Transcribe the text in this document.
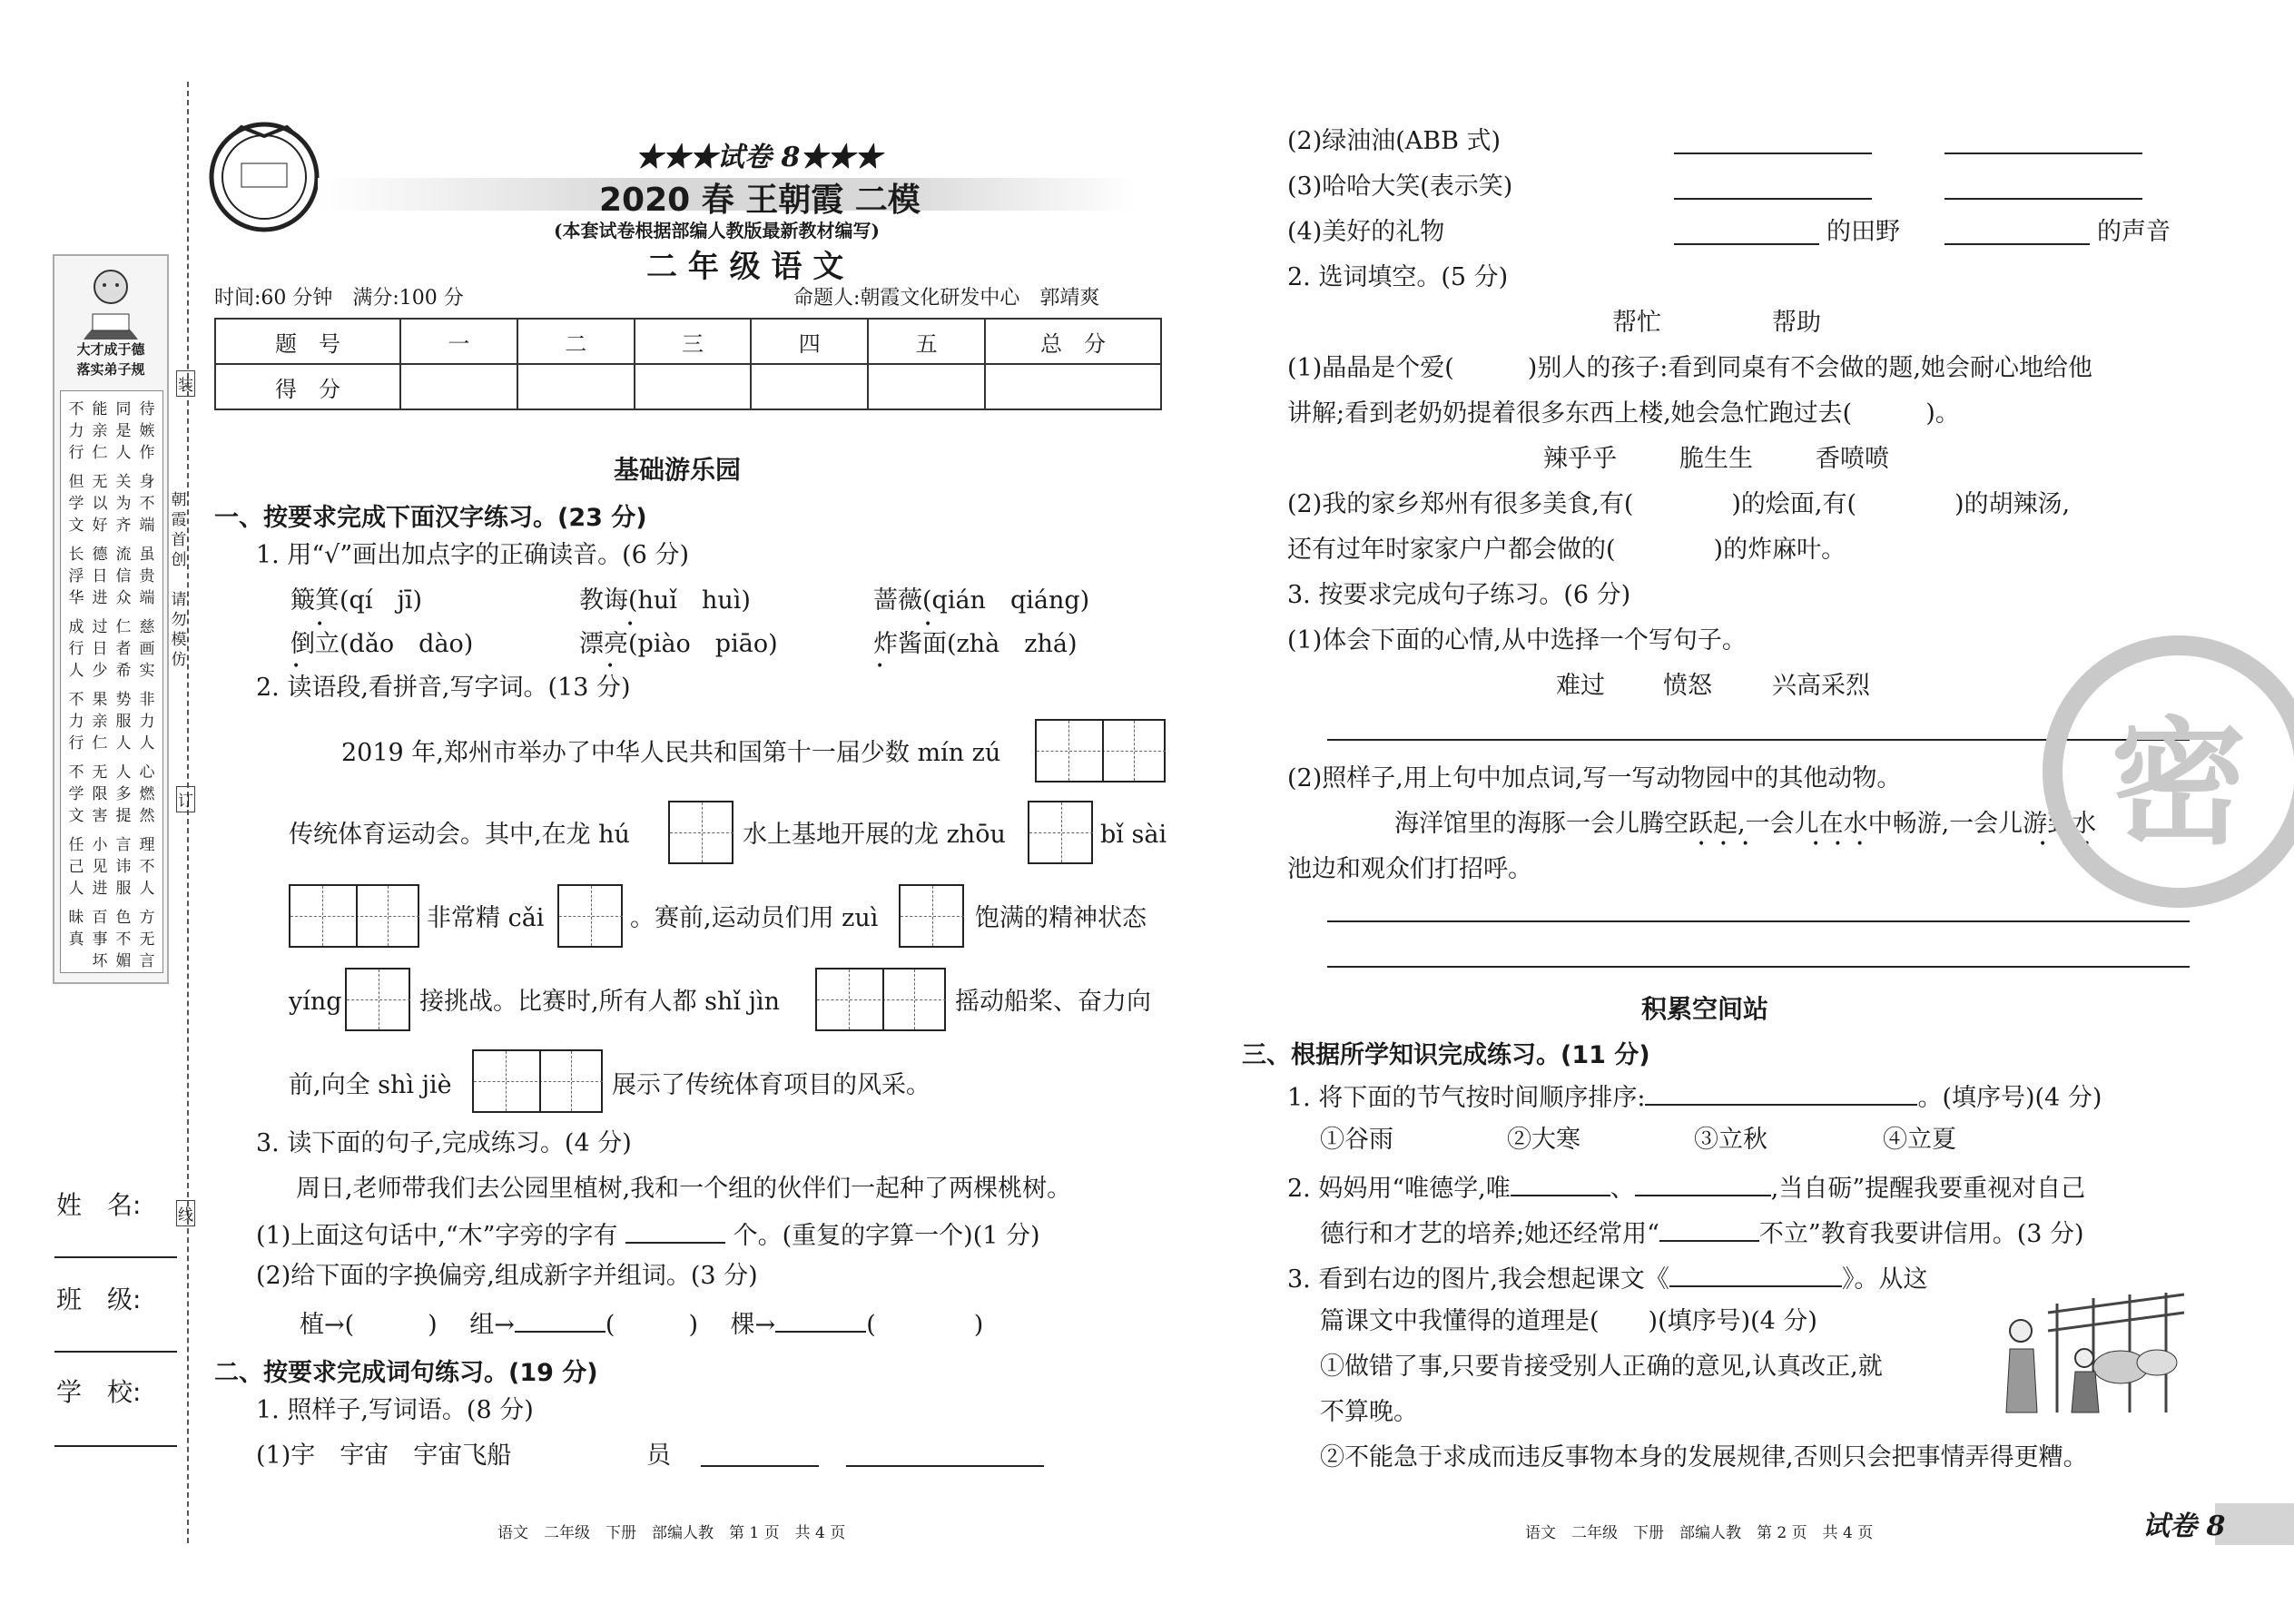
大才成于德
落实弟子规
不力行
能亲仁
同是人
待嫉作
但学文
无以好
关为齐
身不端
长浮华
德日进
流信众
虽贵端
成行人
过日少
仁者希
慈画实
不力行
果亲仁
势服人
非力人
不学文
无限害
人多提
心燃然
任己人
小见进
言讳服
理不人
昧真
百事坏
色不媚
方无言
朝霞首创

请勿模仿
装
订
线
姓　名:
班　级:
学　校:
★★★试卷 8★★★
2020 春 王朝霞 二模
(本套试卷根据部编人教版最新教材编写)
二 年 级 语 文
时间:60 分钟　满分:100 分	命题人:朝霞文化研发中心　郭靖爽
题　号	一	二	三	四	五	总　分
得　分						
基础游乐园
一、按要求完成下面汉字练习。(23 分)
1. 用“√”画出加点字的正确读音。(6 分)
簸箕(qí　jī)	教诲(huǐ　huì)	蔷薇(qián　qiáng)
倒立(dǎo　dào)	漂亮(piào　piāo)	炸酱面(zhà　zhá)
•	•	•
•	•	•
2. 读语段,看拼音,写字词。(13 分)
2019 年,郑州市举办了中华人民共和国第十一届少数 mín zú
传统体育运动会。其中,在龙 hú	水上基地开展的龙 zhōu	bǐ sài
非常精 cǎi	。赛前,运动员们用 zuì	饱满的精神状态
yíng	接挑战。比赛时,所有人都 shǐ jìn	摇动船桨、奋力向
前,向全 shì jiè	展示了传统体育项目的风采。
3. 读下面的句子,完成练习。(4 分)
周日,老师带我们去公园里植树,我和一个组的伙伴们一起种了两棵桃树。
(1)上面这句话中,“木”字旁的字有	个。(重复的字算一个)(1 分)
(2)给下面的字换偏旁,组成新字并组词。(3 分)
植→(　　　) 　组→	(　　　) 　棵→	(　　　　)
二、按要求完成词句练习。(19 分)
1. 照样子,写词语。(8 分)
(1)宇　宇宙　宇宙飞船	员
语文　二年级　下册　部编人教　第 1 页　共 4 页
(2)绿油油(ABB 式)
(3)哈哈大笑(表示笑)
(4)美好的礼物	的田野	的声音
2. 选词填空。(5 分)
帮忙	帮助
(1)晶晶是个爱(　　　)别人的孩子:看到同桌有不会做的题,她会耐心地给他
讲解;看到老奶奶提着很多东西上楼,她会急忙跑过去(　　　)。
辣乎乎	脆生生	香喷喷
(2)我的家乡郑州有很多美食,有(　　　　)的烩面,有(　　　　)的胡辣汤,
还有过年时家家户户都会做的(　　　　)的炸麻叶。
3. 按要求完成句子练习。(6 分)
(1)体会下面的心情,从中选择一个写句子。
难过 愤怒 兴高采烈
(2)照样子,用上句中加点词,写一写动物园中的其他动物。
海洋馆里的海豚一会儿腾空跃起,一会儿在水中畅游,一会儿游到水
•••	•••	•••
池边和观众们打招呼。
积累空间站
三、根据所学知识完成练习。(11 分)
1. 将下面的节气按时间顺序排序:	。(填序号)(4 分)
①谷雨	②大寒	③立秋	④立夏
2. 妈妈用“唯德学,唯	、	,当自砺”提醒我要重视对自己
德行和才艺的培养;她还经常用“	不立”教育我要讲信用。(3 分)
3. 看到右边的图片,我会想起课文《	》。从这
篇课文中我懂得的道理是(　　)(填序号)(4 分)
①做错了事,只要肯接受别人正确的意见,认真改正,就
不算晚。
②不能急于求成而违反事物本身的发展规律,否则只会把事情弄得更糟。
语文　二年级　下册　部编人教　第 2 页　共 4 页	试卷 8
密
